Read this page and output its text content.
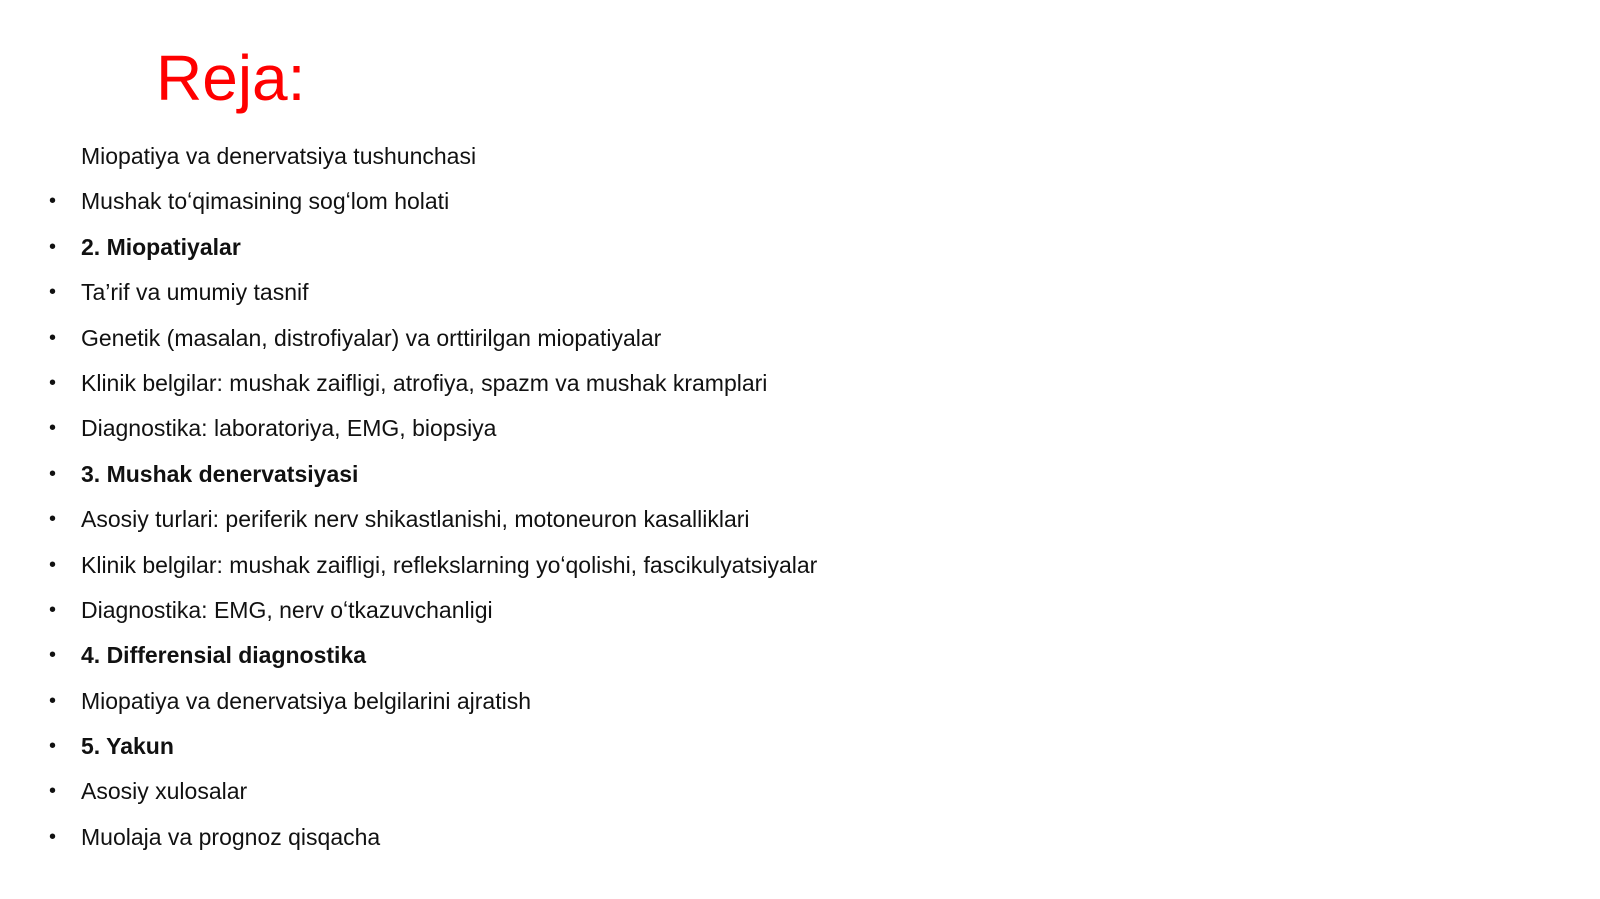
Reja:
Miopatiya va denervatsiya tushunchasi
• Mushak toʻqimasining sogʻlom holati
• 2. Miopatiyalar
• Ta’rif va umumiy tasnif
• Genetik (masalan, distrofiyalar) va orttirilgan miopatiyalar
• Klinik belgilar: mushak zaifligi, atrofiya, spazm va mushak kramplari
• Diagnostika: laboratoriya, EMG, biopsiya
• 3. Mushak denervatsiyasi
• Asosiy turlari: periferik nerv shikastlanishi, motoneuron kasalliklari
• Klinik belgilar: mushak zaifligi, reflekslarning yoʻqolishi, fascikulyatsiyalar
• Diagnostika: EMG, nerv oʻtkazuvchanligi
• 4. Differensial diagnostika
• Miopatiya va denervatsiya belgilarini ajratish
• 5. Yakun
• Asosiy xulosalar
• Muolaja va prognoz qisqacha
